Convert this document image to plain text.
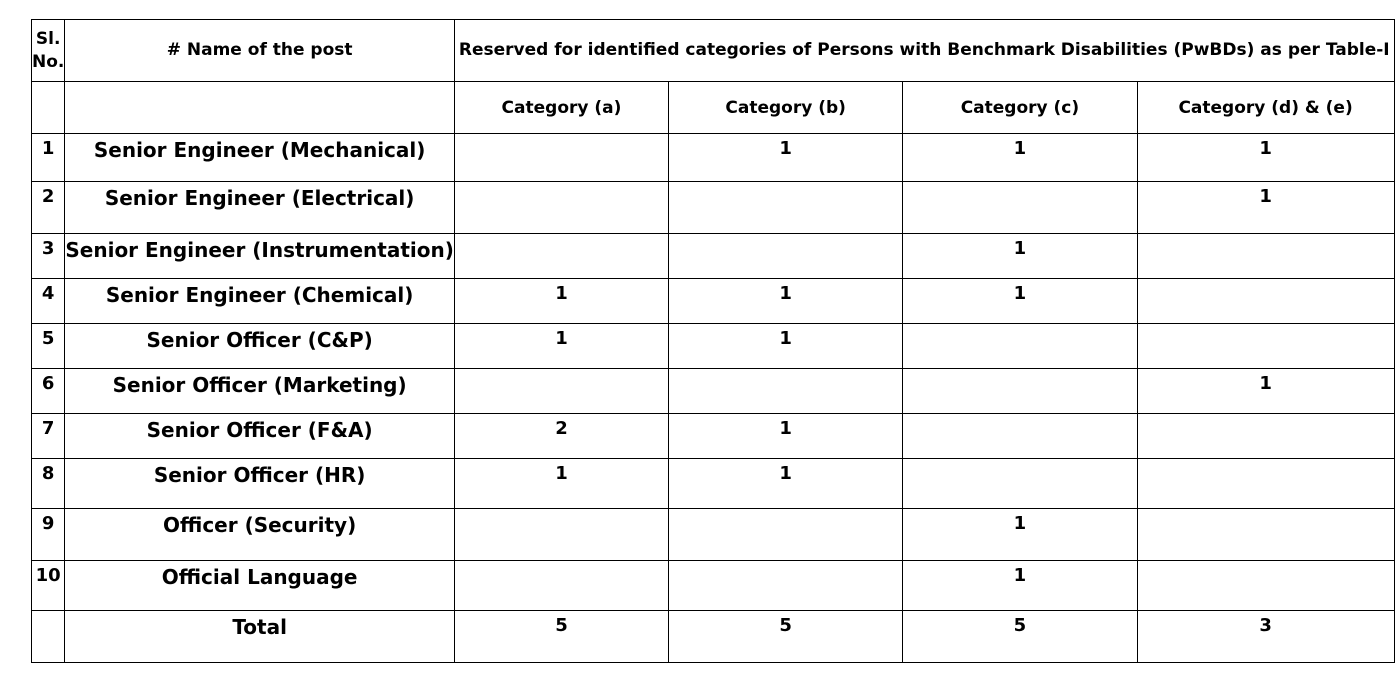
Sl.
No.	# Name of the post	Reserved for identified categories of Persons with Benchmark Disabilities (PwBDs) as per Table-I			
		Category (a)	Category (b)	Category (c)	Category (d) & (e)
1	Senior Engineer (Mechanical)		1	1	1
2	Senior Engineer (Electrical)				1
3	Senior Engineer (Instrumentation)			1	
4	Senior Engineer (Chemical)	1	1	1	
5	Senior Officer (C&P)	1	1		
6	Senior Officer (Marketing)				1
7	Senior Officer (F&A)	2	1		
8	Senior Officer (HR)	1	1		
9	Officer (Security)			1	
10	Official Language			1	
	Total	5	5	5	3
